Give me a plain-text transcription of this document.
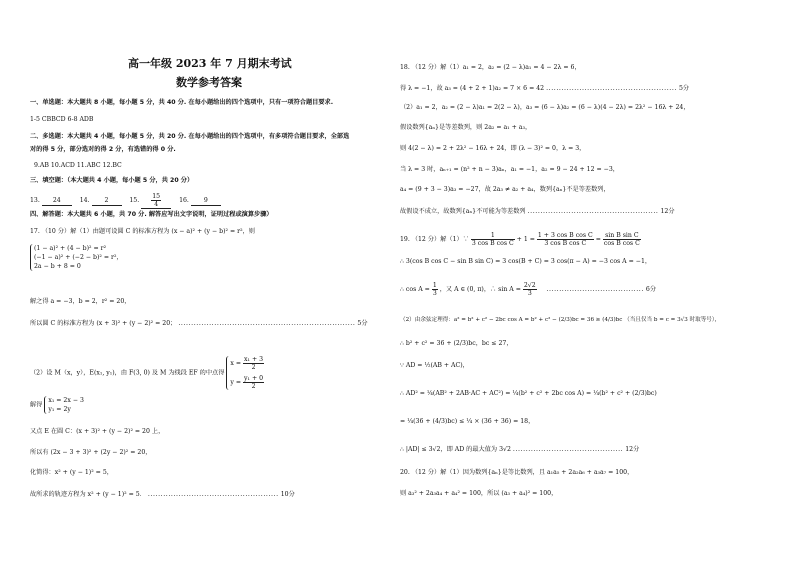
高一年级 2023 年 7 月期末考试
数学参考答案
一、单选题：本大题共 8 小题，每小题 5 分，共 40 分. 在每小题给出的四个选项中，只有一项符合题目要求.
1-5 CBBCD 6-8 ADB
二、多选题：本大题共 4 小题，每小题 5 分，共 20 分. 在每小题给出的四个选项中，有多项符合题目要求，全部选
对的得 5 分，部分选对的得 2 分，有选错的得 0 分.
9.AB 10.ACD 11.ABC 12.BC
三、填空题：（本大题共 4 小题，每小题 5 分，共 20 分）
13. 24	14. 2	15. $\frac{15}{4}$	16. 9
四、解答题：本大题共 6 小题，共 70 分. 解答应写出文字说明，证明过程或演算步骤）
17. （10 分）解（1）由题可设圆 C 的标准方程为 (x − a)² + (y − b)² = r²，则
(1 − a)² + (4 − b)² = r²
(−1 − a)² + (−2 − b)² = r²，
2a − b + 8 = 0
解之得 a = −3，b = 2，r² = 20，
所以圆 C 的标准方程为 (x + 3)² + (y − 2)² = 20； ..................................................................... 5分
（2）设 M（x，y），E(x₁, y₁)，由 F(3, 0) 及 M 为线段 EF 的中点得
$x = \frac{\text{x₁ + 3}}{2}$
$y = \frac{\text{y₁ + 0}}{2}$
解得
x₁ = 2x − 3
y₁ = 2y
又点 E 在圆 C：(x + 3)² + (y − 2)² = 20 上，
所以有 (2x − 3 + 3)² + (2y − 2)² = 20，
化简得：x² + (y − 1)² = 5，
故所求的轨迹方程为 x² + (y − 1)² = 5． ................................................... 10分
18. （12 分）解（1）a₁ = 2，a₂ = (2 − λ)a₁ = 4 − 2λ = 6，
得 λ = −1，故 a₃ = (4 + 2 + 1)a₂ = 7 × 6 = 42 ................................................... 5分
（2）a₁ = 2，a₂ = (2 − λ)a₁ = 2(2 − λ)，a₃ = (6 − λ)a₂ = (6 − λ)(4 − 2λ) = 2λ² − 16λ + 24，
假设数列{aₙ}是等差数列，则 2a₂ = a₁ + a₃，
则 4(2 − λ) = 2 + 2λ² − 16λ + 24，即 (λ − 3)² = 0，λ = 3，
当 λ = 3 时，aₙ₊₁ = (n² + n − 3)aₙ，a₁ = −1，a₂ = 9 − 24 + 12 = −3，
a₄ = (9 + 3 − 3)a₃ = −27，故 2a₃ ≠ a₂ + a₄，数列{aₙ}不是等差数列，
故假设不成立，故数列{aₙ}不可能为等差数列 ................................................... 12分
19. （12 分）解（1）∵ $\frac{1}{\text{3 cos B cos C}} + 1 = \frac{\text{1 + 3 cos B cos C}}{\text{3 cos B cos C}} = \frac{\text{sin B sin C}}{\text{cos B cos C}}$
∴ 3(cos B cos C − sin B sin C) = 3 cos(B + C) = 3 cos(π − A) = −3 cos A = −1，
∴ $\cos A = \frac{1}{3}$ ，又 A ∈ (0, π)，∴ $\sin A = \frac{2√2}{3}$ ...................................... 6分
（2）由余弦定理得：a² = b² + c² − 2bc cos A = b² + c² − (2/3)bc = 36 ≥ (4/3)bc （当且仅当 b = c = 3√3 时取等号），
∴ b² + c² = 36 + (2/3)bc，bc ≤ 27，
∵ AD = ½(AB + AC)，
∴ AD² = ¼(AB² + 2AB·AC + AC²) = ¼(b² + c² + 2bc cos A) = ¼(b² + c² + (2/3)bc)
= ¼(36 + (4/3)bc) ≤ ¼ × (36 + 36) = 18，
∴ |AD| ≤ 3√2，即 AD 的最大值为 3√2 ........................................... 12分
20. （12 分）解（1）因为数列{aₙ}是等比数列，且 a₁a₅ + 2a₂a₆ + a₃a₇ = 100，
则 a₃² + 2a₃a₄ + a₄² = 100，所以 (a₃ + a₄)² = 100，
